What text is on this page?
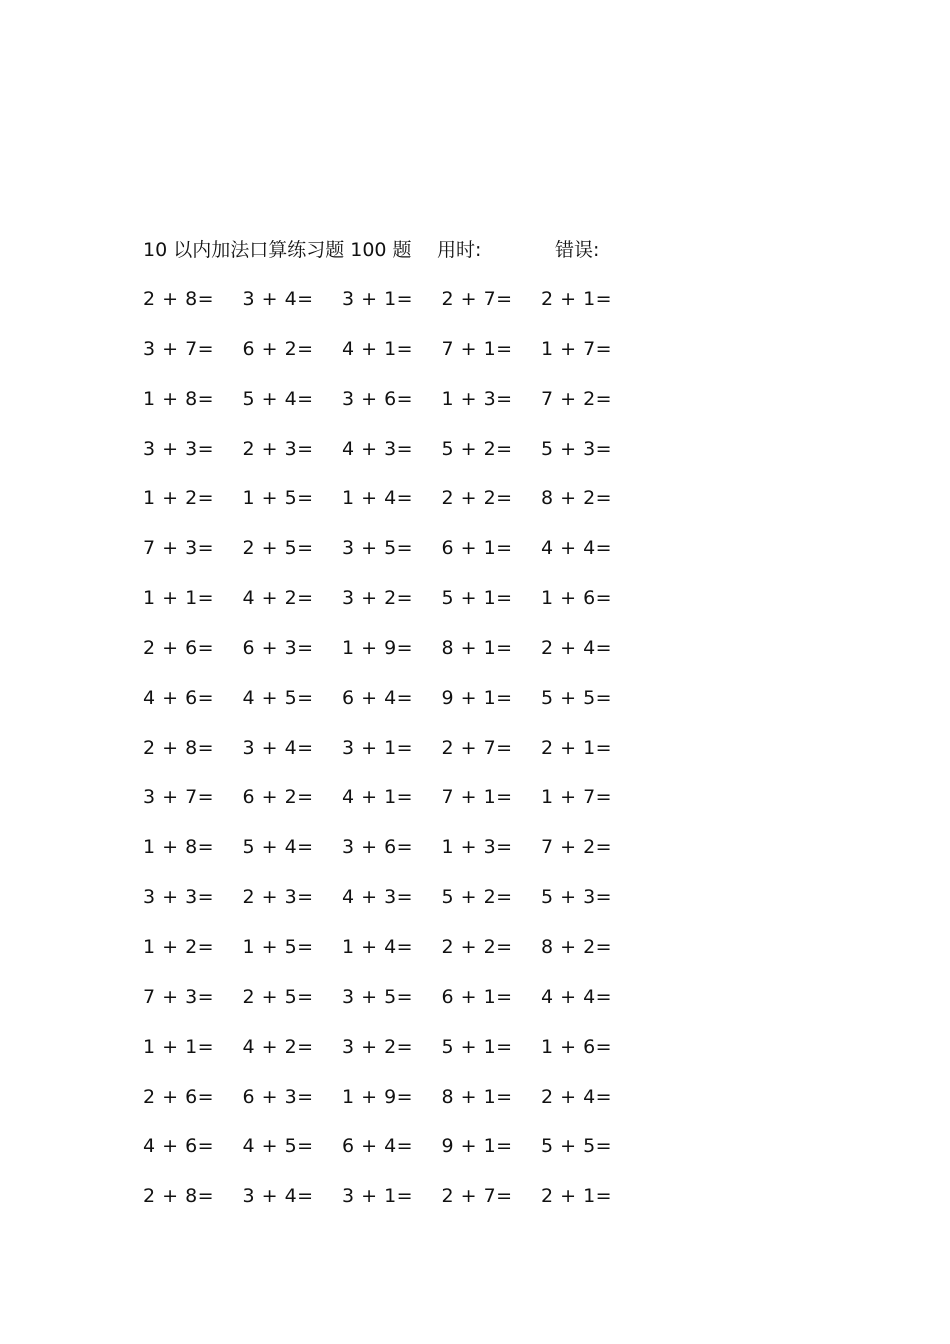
10 以内加法口算练习题 100 题 用时:	错误:
2 + 8= 3 + 4= 3 + 1= 2 + 7= 2 + 1=
3 + 7= 6 + 2= 4 + 1= 7 + 1= 1 + 7=
1 + 8= 5 + 4= 3 + 6= 1 + 3= 7 + 2=
3 + 3= 2 + 3= 4 + 3= 5 + 2= 5 + 3=
1 + 2= 1 + 5= 1 + 4= 2 + 2= 8 + 2=
7 + 3= 2 + 5= 3 + 5= 6 + 1= 4 + 4=
1 + 1= 4 + 2= 3 + 2= 5 + 1= 1 + 6=
2 + 6= 6 + 3= 1 + 9= 8 + 1= 2 + 4=
4 + 6= 4 + 5= 6 + 4= 9 + 1= 5 + 5=
2 + 8= 3 + 4= 3 + 1= 2 + 7= 2 + 1=
3 + 7= 6 + 2= 4 + 1= 7 + 1= 1 + 7=
1 + 8= 5 + 4= 3 + 6= 1 + 3= 7 + 2=
3 + 3= 2 + 3= 4 + 3= 5 + 2= 5 + 3=
1 + 2= 1 + 5= 1 + 4= 2 + 2= 8 + 2=
7 + 3= 2 + 5= 3 + 5= 6 + 1= 4 + 4=
1 + 1= 4 + 2= 3 + 2= 5 + 1= 1 + 6=
2 + 6= 6 + 3= 1 + 9= 8 + 1= 2 + 4=
4 + 6= 4 + 5= 6 + 4= 9 + 1= 5 + 5=
2 + 8= 3 + 4= 3 + 1= 2 + 7= 2 + 1=
